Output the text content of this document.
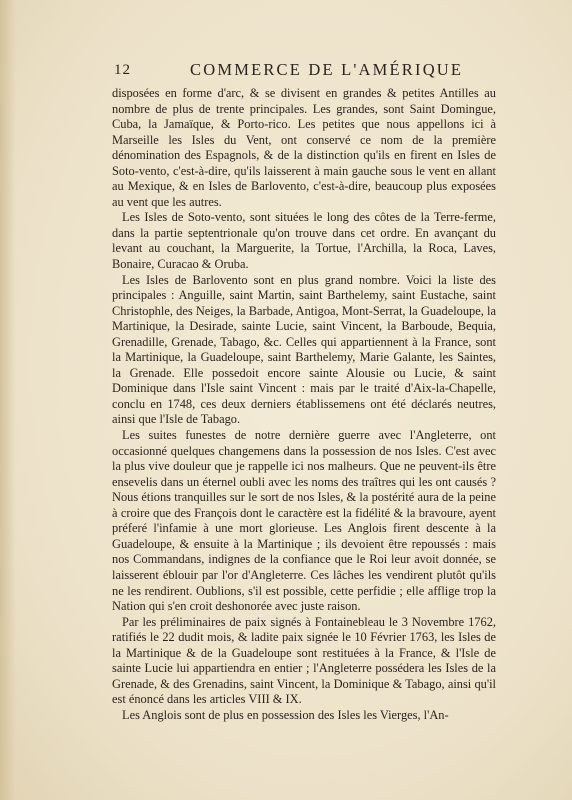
12	COMMERCE DE L'AMÉRIQUE

disposées en forme d'arc, & se divisent en grandes & petites Antilles au nombre de plus de trente principales. Les grandes, sont Saint Domingue, Cuba, la Jamaïque, & Porto-rico. Les petites que nous appellons ici à Marseille les Isles du Vent, ont conservé ce nom de la première dénomination des Espagnols, & de la distinction qu'ils en firent en Isles de Soto-vento, c'est-à-dire, qu'ils laisserent à main gauche sous le vent en allant au Mexique, & en Isles de Barlovento, c'est-à-dire, beaucoup plus exposées au vent que les autres.

Les Isles de Soto-vento, sont situées le long des côtes de la Terre-ferme, dans la partie septentrionale qu'on trouve dans cet ordre. En avançant du levant au couchant, la Marguerite, la Tortue, l'Archilla, la Roca, Laves, Bonaire, Curacao & Oruba.

Les Isles de Barlovento sont en plus grand nombre. Voici la liste des principales : Anguille, saint Martin, saint Barthelemy, saint Eustache, saint Christophle, des Neiges, la Barbade, Antigoa, Mont-Serrat, la Guadeloupe, la Martinique, la Desirade, sainte Lucie, saint Vincent, la Barboude, Bequia, Grenadille, Grenade, Tabago, &c. Celles qui appartiennent à la France, sont la Martinique, la Guadeloupe, saint Barthelemy, Marie Galante, les Saintes, la Grenade. Elle possedoit encore sainte Alousie ou Lucie, & saint Dominique dans l'Isle saint Vincent : mais par le traité d'Aix-la-Chapelle, conclu en 1748, ces deux derniers établissemens ont été déclarés neutres, ainsi que l'Isle de Tabago.

Les suites funestes de notre dernière guerre avec l'Angleterre, ont occasionné quelques changemens dans la possession de nos Isles. C'est avec la plus vive douleur que je rappelle ici nos malheurs. Que ne peuvent-ils être ensevelis dans un éternel oubli avec les noms des traîtres qui les ont causés ? Nous étions tranquilles sur le sort de nos Isles, & la postérité aura de la peine à croire que des François dont le caractère est la fidélité & la bravoure, ayent préferé l'infamie à une mort glorieuse. Les Anglois firent descente à la Guadeloupe, & ensuite à la Martinique ; ils devoient être repoussés : mais nos Commandans, indignes de la confiance que le Roi leur avoit donnée, se laisserent éblouir par l'or d'Angleterre. Ces lâches les vendirent plutôt qu'ils ne les rendirent. Oublions, s'il est possible, cette perfidie ; elle afflige trop la Nation qui s'en croit deshonorée avec juste raison.

Par les préliminaires de paix signés à Fontainebleau le 3 Novembre 1762, ratifiés le 22 dudit mois, & ladite paix signée le 10 Février 1763, les Isles de la Martinique & de la Guadeloupe sont restituées à la France, & l'Isle de sainte Lucie lui appartiendra en entier ; l'Angleterre possédera les Isles de la Grenade, & des Grenadins, saint Vincent, la Dominique & Tabago, ainsi qu'il est énoncé dans les articles VIII & IX.

Les Anglois sont de plus en possession des Isles les Vierges, l'An-
